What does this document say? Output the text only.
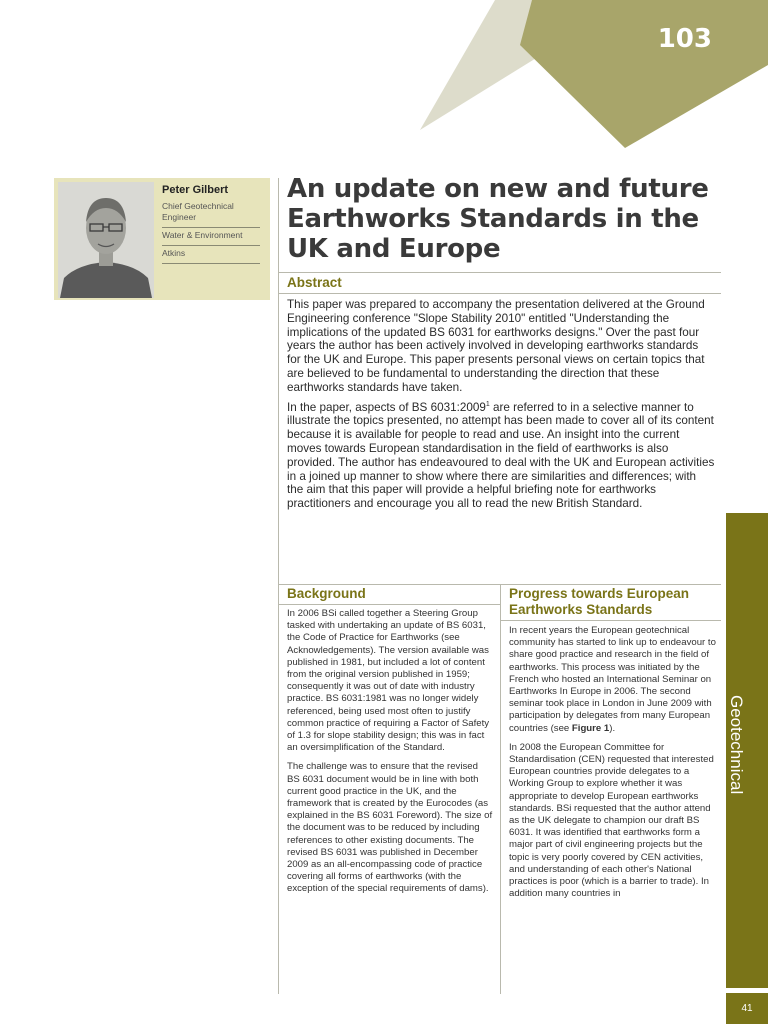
103
Peter Gilbert
Chief Geotechnical Engineer
Water & Environment
Atkins
An update on new and future Earthworks Standards in the UK and Europe
Abstract

This paper was prepared to accompany the presentation delivered at the Ground Engineering conference "Slope Stability 2010" entitled "Understanding the implications of the updated BS 6031 for earthworks designs." Over the past four years the author has been actively involved in developing earthworks standards for the UK and Europe. This paper presents personal views on certain topics that are believed to be fundamental to understanding the direction that these earthworks standards have taken.

In the paper, aspects of BS 6031:2009$^1$ are referred to in a selective manner to illustrate the topics presented, no attempt has been made to cover all of its content because it is available for people to read and use. An insight into the current moves towards European standardisation in the field of earthworks is also provided. The author has endeavoured to deal with the UK and European activities in a joined up manner to show where there are similarities and differences; with the aim that this paper will provide a helpful briefing note for earthworks practitioners and encourage you all to read the new British Standard.

Background

In 2006 BSi called together a Steering Group tasked with undertaking an update of BS 6031, the Code of Practice for Earthworks (see Acknowledgements). The version available was published in 1981, but included a lot of content from the original version published in 1959; consequently it was out of date with industry practice. BS 6031:1981 was no longer widely referenced, being used most often to justify common practice of requiring a Factor of Safety of 1.3 for slope stability design; this was in fact an oversimplification of the Standard.

The challenge was to ensure that the revised BS 6031 document would be in line with both current good practice in the UK, and the framework that is created by the Eurocodes (as explained in the BS 6031 Foreword). The size of the document was to be reduced by including references to other existing documents. The revised BS 6031 was published in December 2009 as an all-encompassing code of practice covering all forms of earthworks (with the exception of the special requirements of dams).

Progress towards European Earthworks Standards

In recent years the European geotechnical community has started to link up to endeavour to share good practice and research in the field of earthworks. This process was initiated by the French who hosted an International Seminar on Earthworks In Europe in 2006. The second seminar took place in London in June 2009 with participation by delegates from many European countries (see Figure 1).

In 2008 the European Committee for Standardisation (CEN) requested that interested European countries provide delegates to a Working Group to explore whether it was appropriate to develop European earthworks standards. BSi requested that the author attend as the UK delegate to champion our draft BS 6031. It was identified that earthworks form a major part of civil engineering projects but the topic is very poorly covered by CEN activities, and understanding of each other's National practices is poor (which is a barrier to trade). In addition many countries in

Geotechnical
41
